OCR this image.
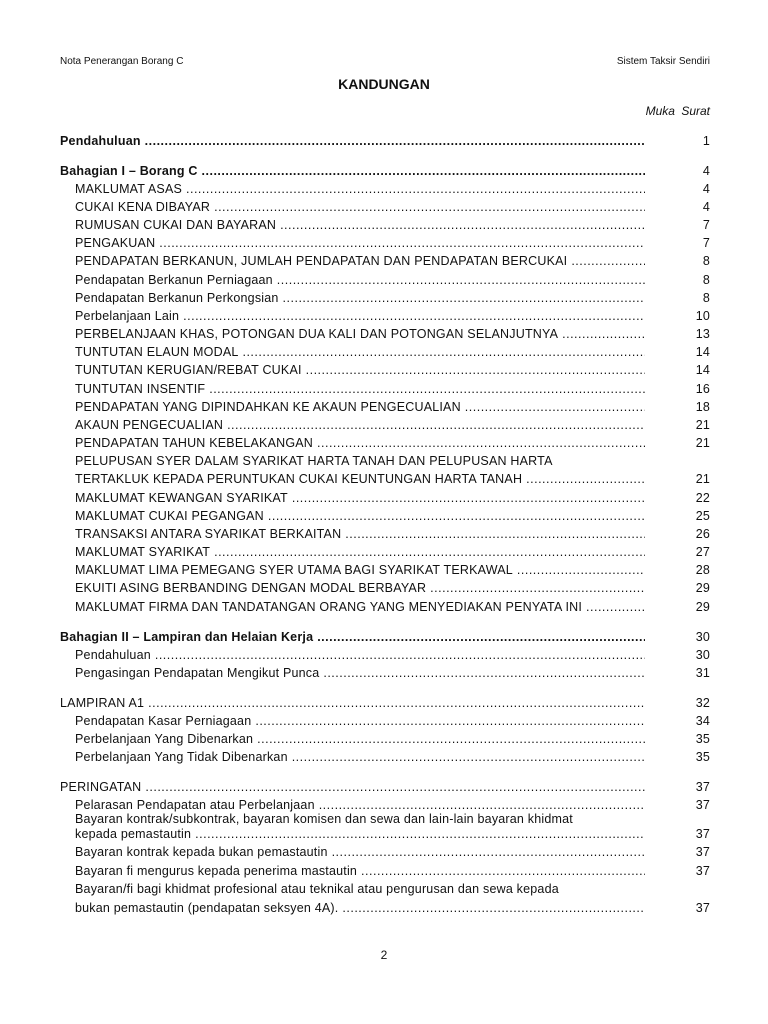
Nota Penerangan Borang C	Sistem Taksir Sendiri
KANDUNGAN
Muka Surat
Pendahuluan .....	1
Bahagian I – Borang C .....	4
MAKLUMAT ASAS .....	4
CUKAI KENA DIBAYAR .....	4
RUMUSAN CUKAI DAN BAYARAN .....	7
PENGAKUAN .....	7
PENDAPATAN BERKANUN, JUMLAH PENDAPATAN DAN PENDAPATAN BERCUKAI .....	8
Pendapatan Berkanun Perniagaan .....	8
Pendapatan Berkanun Perkongsian .....	8
Perbelanjaan Lain .....	10
PERBELANJAAN KHAS, POTONGAN DUA KALI DAN POTONGAN SELANJUTNYA .....	13
TUNTUTAN ELAUN MODAL .....	14
TUNTUTAN KERUGIAN/REBAT CUKAI .....	14
TUNTUTAN INSENTIF .....	16
PENDAPATAN YANG DIPINDAHKAN KE AKAUN PENGECUALIAN .....	18
AKAUN PENGECUALIAN .....	21
PENDAPATAN TAHUN KEBELAKANGAN .....	21
PELUPUSAN SYER DALAM SYARIKAT HARTA TANAH DAN PELUPUSAN HARTA
TERTAKLUK KEPADA PERUNTUKAN CUKAI KEUNTUNGAN HARTA TANAH .....	21
MAKLUMAT KEWANGAN SYARIKAT .....	22
MAKLUMAT CUKAI PEGANGAN .....	25
TRANSAKSI ANTARA SYARIKAT BERKAITAN .....	26
MAKLUMAT SYARIKAT .....	27
MAKLUMAT LIMA PEMEGANG SYER UTAMA BAGI SYARIKAT TERKAWAL .....	28
EKUITI ASING BERBANDING DENGAN MODAL BERBAYAR .....	29
MAKLUMAT FIRMA DAN TANDATANGAN ORANG YANG MENYEDIAKAN PENYATA INI .....	29
Bahagian II – Lampiran dan Helaian Kerja .....	30
Pendahuluan .....	30
Pengasingan Pendapatan Mengikut Punca .....	31
LAMPIRAN A1 .....	32
Pendapatan Kasar Perniagaan .....	34
Perbelanjaan Yang Dibenarkan .....	35
Perbelanjaan Yang Tidak Dibenarkan .....	35
PERINGATAN .....	37
Pelarasan Pendapatan atau Perbelanjaan .....	37
Bayaran kontrak/subkontrak, bayaran komisen dan sewa dan lain-lain bayaran khidmat
kepada pemastautin .....	37
Bayaran kontrak kepada bukan pemastautin .....	37
Bayaran fi mengurus kepada penerima mastautin .....	37
Bayaran/fi bagi khidmat profesional atau teknikal atau pengurusan dan sewa kepada
bukan pemastautin (pendapatan seksyen 4A). .....	37
2
